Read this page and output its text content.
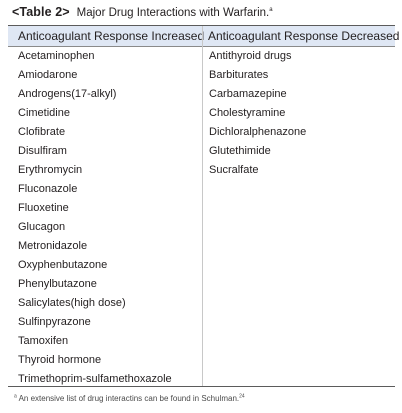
<Table 2> Major Drug Interactions with Warfarin.$^a$
Anticoagulant Response Increased Anticoagulant Response Decreased
Acetaminophen
Amiodarone
Androgens(17-alkyl)
Cimetidine
Clofibrate
Disulfiram
Erythromycin
Fluconazole
Fluoxetine
Glucagon
Metronidazole
Oxyphenbutazone
Phenylbutazone
Salicylates(high dose)
Sulfinpyrazone
Tamoxifen
Thyroid hormone
Trimethoprim-sulfamethoxazole
Antithyroid drugs
Barbiturates
Carbamazepine
Cholestyramine
Dichloralphenazone
Glutethimide
Sucralfate
$^a$ An extensive list of drug interactins can be found in Schulman.$^{24}$
